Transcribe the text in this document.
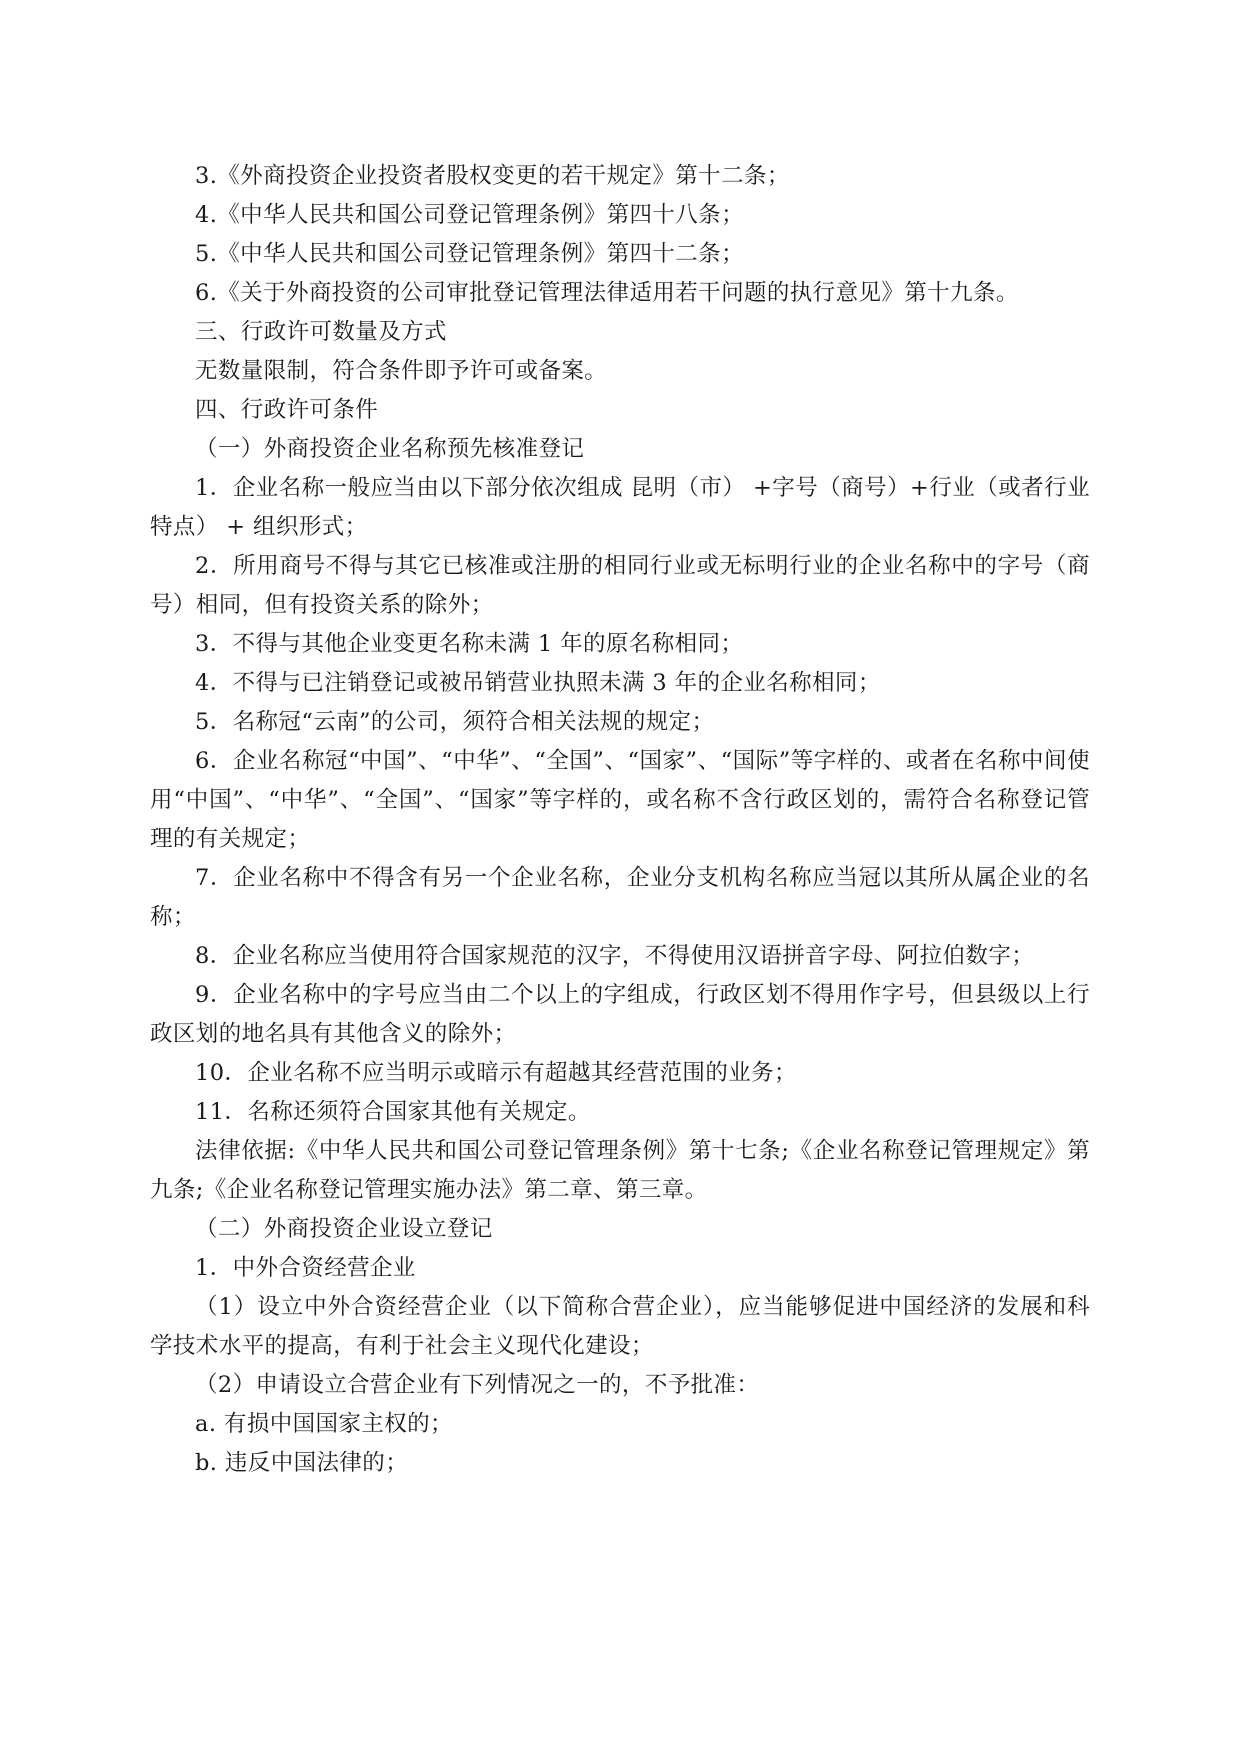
3.《外商投资企业投资者股权变更的若干规定》第十二条；

4.《中华人民共和国公司登记管理条例》第四十八条；

5.《中华人民共和国公司登记管理条例》第四十二条；

6.《关于外商投资的公司审批登记管理法律适用若干问题的执行意见》第十九条。

三、行政许可数量及方式

无数量限制，符合条件即予许可或备案。

四、行政许可条件

（一）外商投资企业名称预先核准登记

1．企业名称一般应当由以下部分依次组成 昆明（市） +字号（商号）+行业（或者行业特点） + 组织形式；

2．所用商号不得与其它已核准或注册的相同行业或无标明行业的企业名称中的字号（商号）相同，但有投资关系的除外；

3．不得与其他企业变更名称未满 1 年的原名称相同；

4．不得与已注销登记或被吊销营业执照未满 3 年的企业名称相同；

5．名称冠“云南”的公司，须符合相关法规的规定；

6．企业名称冠“中国”、“中华”、“全国”、“国家”、“国际”等字样的、或者在名称中间使用“中国”、“中华”、“全国”、“国家”等字样的，或名称不含行政区划的，需符合名称登记管理的有关规定；

7．企业名称中不得含有另一个企业名称，企业分支机构名称应当冠以其所从属企业的名称；

8．企业名称应当使用符合国家规范的汉字，不得使用汉语拼音字母、阿拉伯数字；

9．企业名称中的字号应当由二个以上的字组成，行政区划不得用作字号，但县级以上行政区划的地名具有其他含义的除外；

10．企业名称不应当明示或暗示有超越其经营范围的业务；

11．名称还须符合国家其他有关规定。

法律依据:《中华人民共和国公司登记管理条例》第十七条;《企业名称登记管理规定》第九条;《企业名称登记管理实施办法》第二章、第三章。

（二）外商投资企业设立登记

1．中外合资经营企业

（1）设立中外合资经营企业（以下简称合营企业），应当能够促进中国经济的发展和科学技术水平的提高，有利于社会主义现代化建设；

（2）申请设立合营企业有下列情况之一的，不予批准：

a. 有损中国国家主权的；

b. 违反中国法律的；
